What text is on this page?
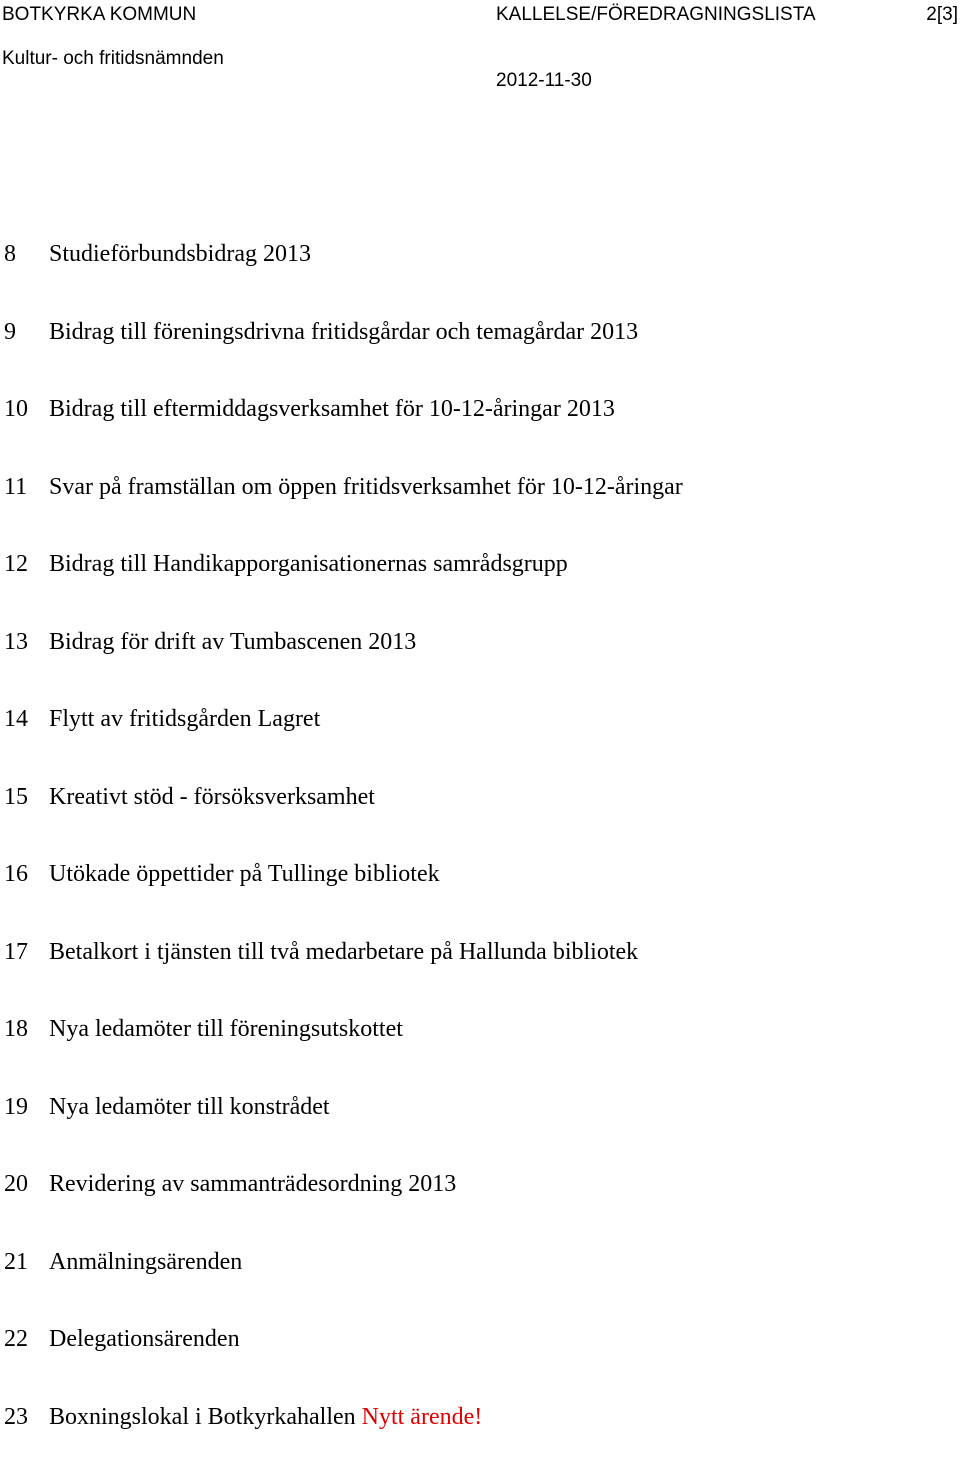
BOTKYRKA KOMMUN	KALLELSE/FÖREDRAGNINGSLISTA	2[3]
Kultur- och fritidsnämnden
2012-11-30
8 Studieförbundsbidrag 2013
9 Bidrag till föreningsdrivna fritidsgårdar och temagårdar 2013
10 Bidrag till eftermiddagsverksamhet för 10-12-åringar 2013
11 Svar på framställan om öppen fritidsverksamhet för 10-12-åringar
12 Bidrag till Handikapporganisationernas samrådsgrupp
13 Bidrag för drift av Tumbascenen 2013
14 Flytt av fritidsgården Lagret
15 Kreativt stöd - försöksverksamhet
16 Utökade öppettider på Tullinge bibliotek
17 Betalkort i tjänsten till två medarbetare på Hallunda bibliotek
18 Nya ledamöter till föreningsutskottet
19 Nya ledamöter till konstrådet
20 Revidering av sammanträdesordning 2013
21 Anmälningsärenden
22 Delegationsärenden
23 Boxningslokal i Botkyrkahallen Nytt ärende!
